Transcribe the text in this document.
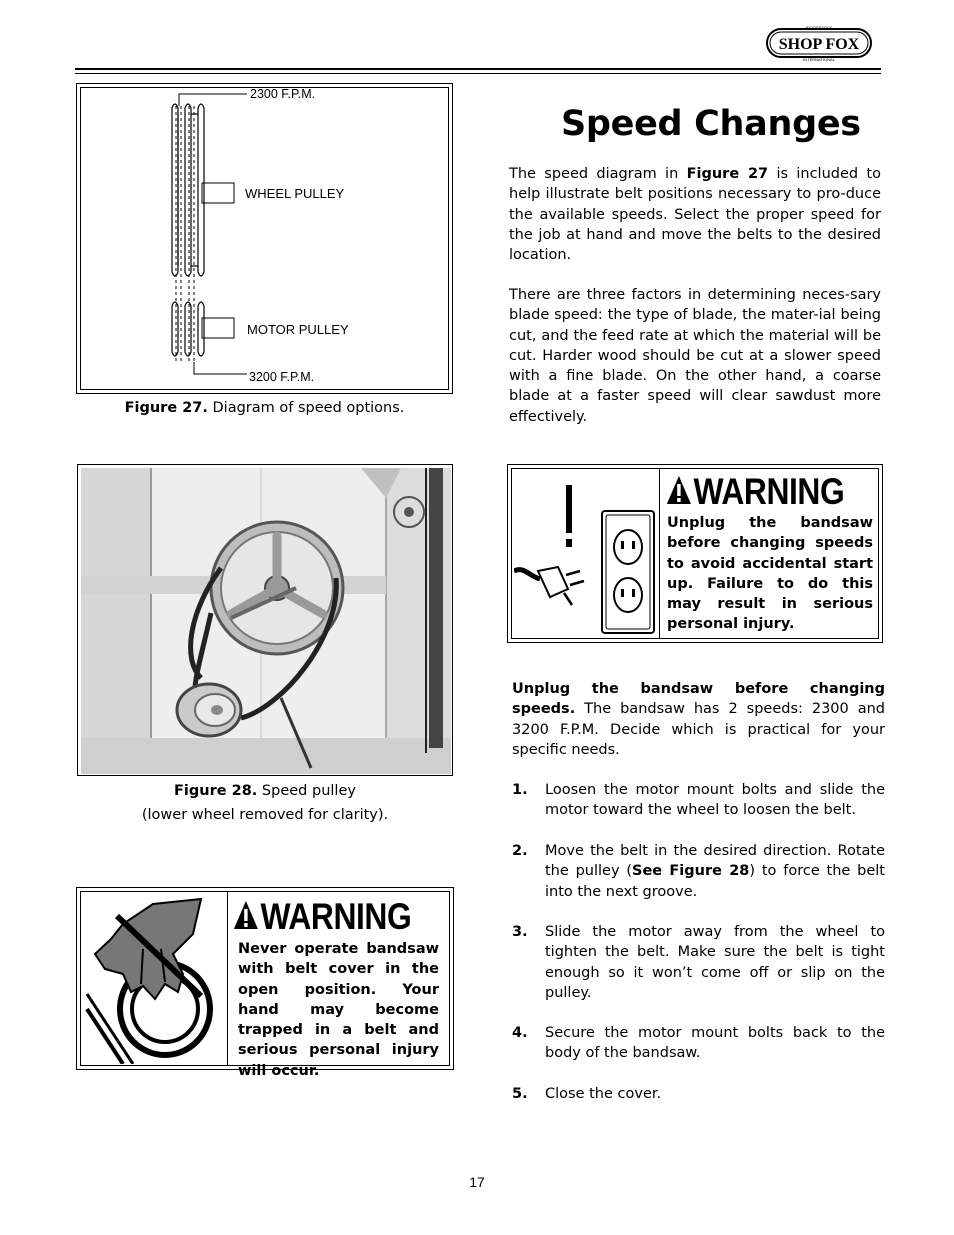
SHOP FOX
WOODSTOCK
INTERNATIONAL
2300 F.P.M.
WHEEL PULLEY
MOTOR PULLEY
3200 F.P.M.
Figure 27. Diagram of speed options.
Figure 28. Speed pulley
(lower wheel removed for clarity).
WARNING
Never operate bandsaw with belt cover in the open position. Your hand may become trapped in a belt and serious personal injury will occur.
Speed Changes

The speed diagram in Figure 27 is included to help illustrate belt positions necessary to pro-duce the available speeds. Select the proper speed for the job at hand and move the belts to the desired location.

There are three factors in determining neces-sary blade speed: the type of blade, the mater-ial being cut, and the feed rate at which the material will be cut. Harder wood should be cut at a slower speed with a fine blade. On the other hand, a coarse blade at a faster speed will clear sawdust more effectively.

WARNING
Unplug the bandsaw before changing speeds to avoid accidental start up. Failure to do this may result in serious personal injury.

Unplug the bandsaw before changing speeds. The bandsaw has 2 speeds: 2300 and 3200 F.P.M. Decide which is practical for your specific needs.

1. Loosen the motor mount bolts and slide the motor toward the wheel to loosen the belt.
2. Move the belt in the desired direction. Rotate the pulley (See Figure 28) to force the belt into the next groove.
3. Slide the motor away from the wheel to tighten the belt. Make sure the belt is tight enough so it won’t come off or slip on the pulley.
4. Secure the motor mount bolts back to the body of the bandsaw.
5. Close the cover.
17
